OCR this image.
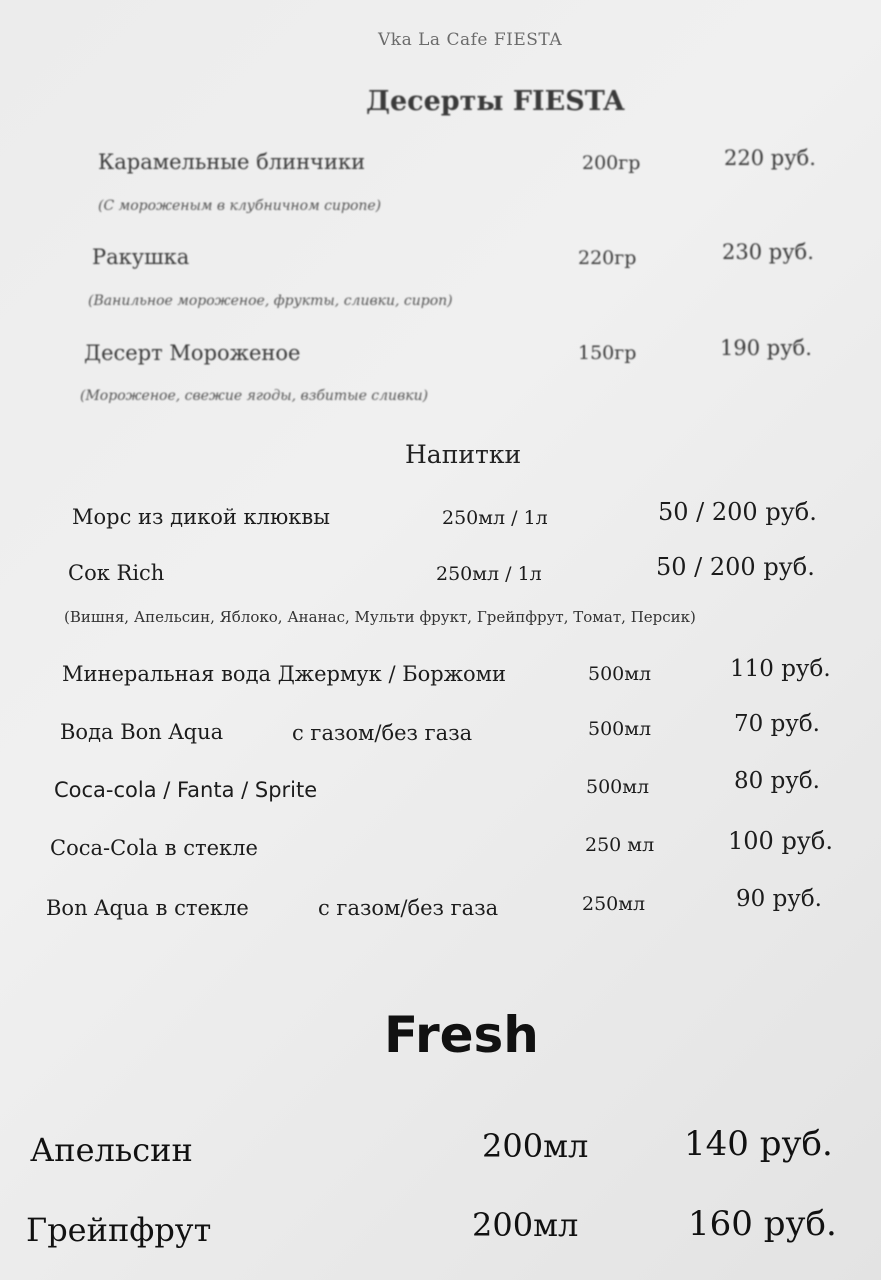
Vka La Cafe FIESTA
Десерты FIESTA
Карамельные блинчики	200гр	220 руб.
(С мороженым в клубничном сиропе)
Ракушка	220гр	230 руб.
(Ванильное мороженое, фрукты, сливки, сироп)
Десерт Мороженое	150гр	190 руб.
(Мороженое, свежие ягоды, взбитые сливки)
Напитки
Морс из дикой клюквы	250мл / 1л	50 / 200 руб.
Сок Rich	250мл / 1л	50 / 200 руб.
(Вишня, Апельсин, Яблоко, Ананас, Мульти фрукт, Грейпфрут, Томат, Персик)
Минеральная вода Джермук / Боржоми	500мл	110 руб.
Вода Bon Aqua	с газом/без газа	500мл	70 руб.
Coca-cola / Fanta / Sprite	500мл	80 руб.
Coca-Cola в стекле	250 мл	100 руб.
Bon Aqua в стекле	с газом/без газа	250мл	90 руб.
Fresh
Апельсин	200мл	140 руб.
Грейпфрут	200мл	160 руб.
